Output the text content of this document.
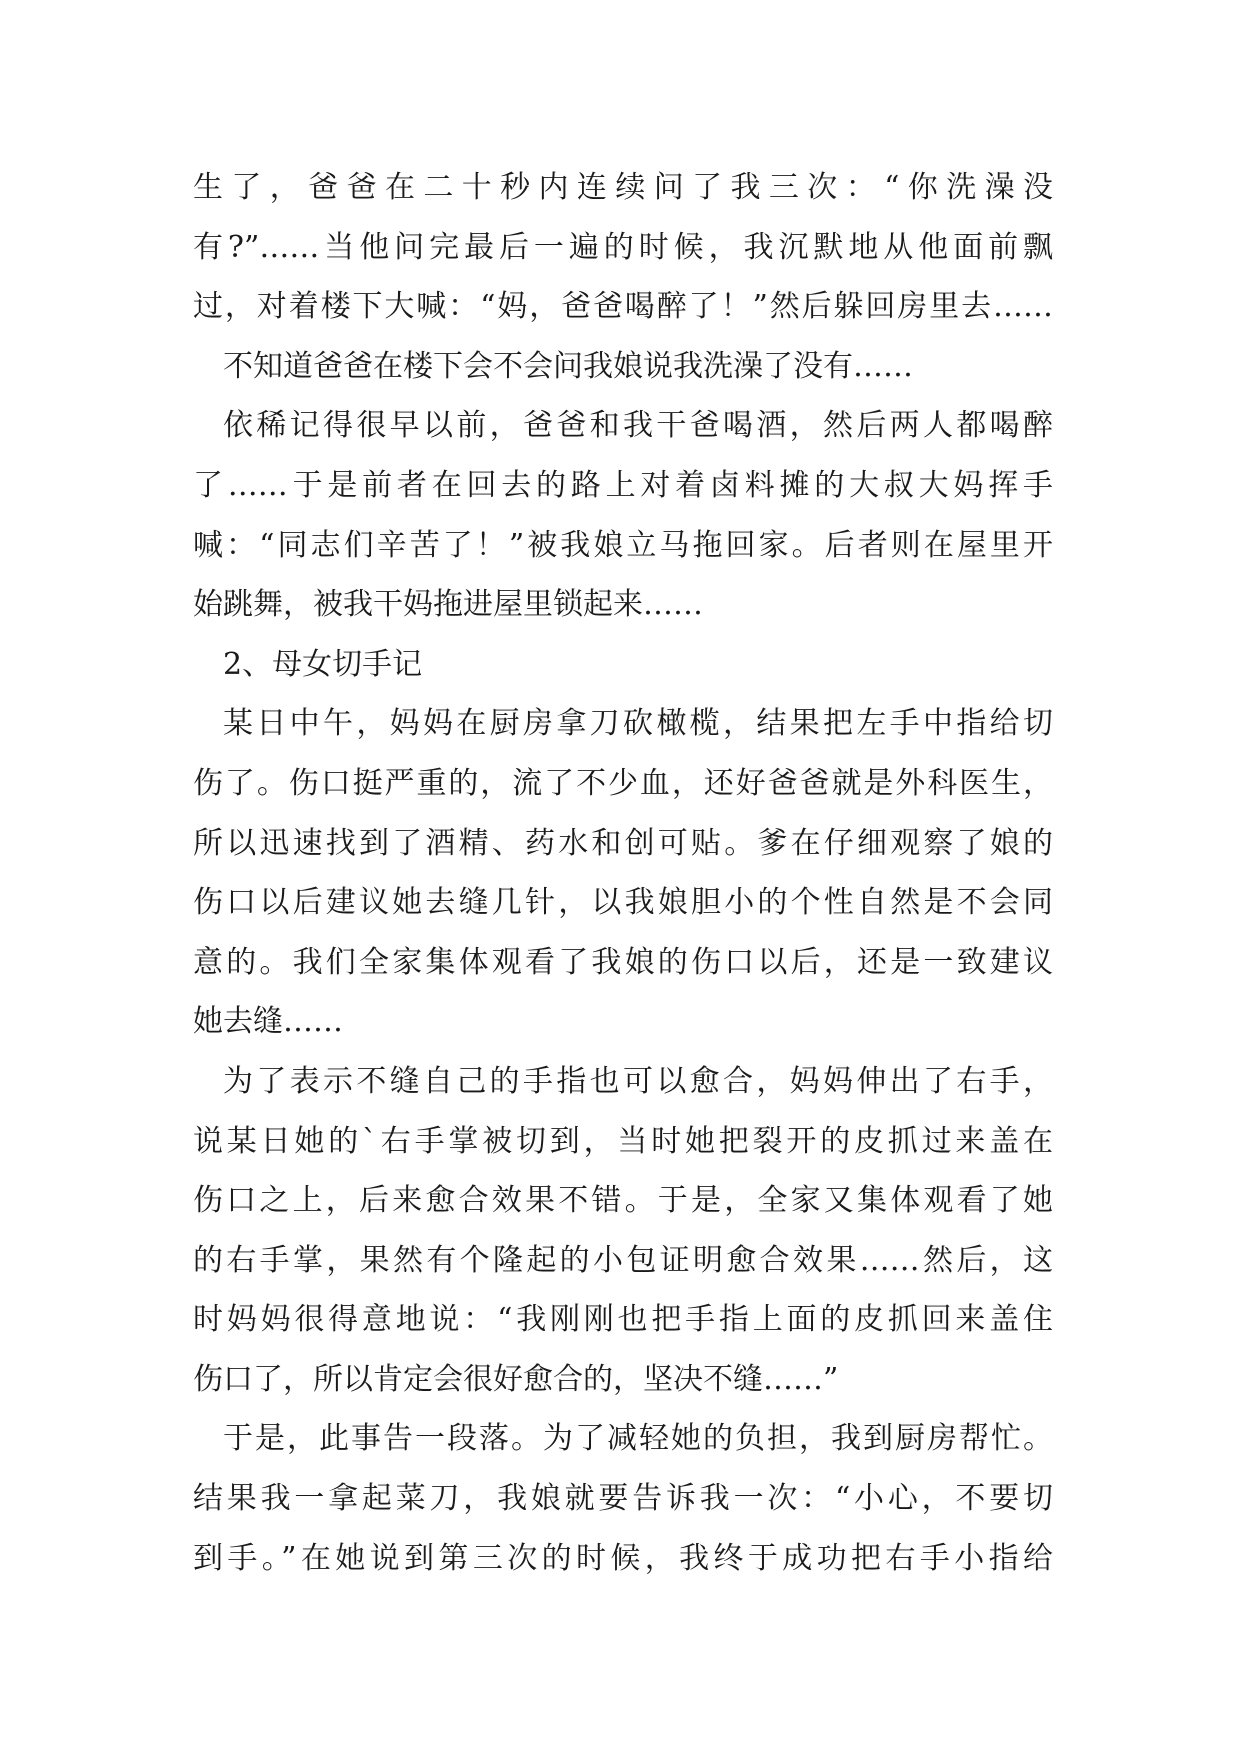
生了，爸爸在二十秒内连续问了我三次：“你洗澡没
有?”……当他问完最后一遍的时候，我沉默地从他面前飘
过，对着楼下大喊：“妈，爸爸喝醉了！”然后躲回房里去……
不知道爸爸在楼下会不会问我娘说我洗澡了没有……
依稀记得很早以前，爸爸和我干爸喝酒，然后两人都喝醉
了……于是前者在回去的路上对着卤料摊的大叔大妈挥手
喊：“同志们辛苦了！”被我娘立马拖回家。后者则在屋里开
始跳舞，被我干妈拖进屋里锁起来……
2、母女切手记
某日中午，妈妈在厨房拿刀砍橄榄，结果把左手中指给切
伤了。伤口挺严重的，流了不少血，还好爸爸就是外科医生，
所以迅速找到了酒精、药水和创可贴。爹在仔细观察了娘的
伤口以后建议她去缝几针，以我娘胆小的个性自然是不会同
意的。我们全家集体观看了我娘的伤口以后，还是一致建议
她去缝……
为了表示不缝自己的手指也可以愈合，妈妈伸出了右手，
说某日她的`右手掌被切到，当时她把裂开的皮抓过来盖在
伤口之上，后来愈合效果不错。于是，全家又集体观看了她
的右手掌，果然有个隆起的小包证明愈合效果……然后，这
时妈妈很得意地说：“我刚刚也把手指上面的皮抓回来盖住
伤口了，所以肯定会很好愈合的，坚决不缝……”
于是，此事告一段落。为了减轻她的负担，我到厨房帮忙。
结果我一拿起菜刀，我娘就要告诉我一次：“小心，不要切
到手。”在她说到第三次的时候，我终于成功把右手小指给
